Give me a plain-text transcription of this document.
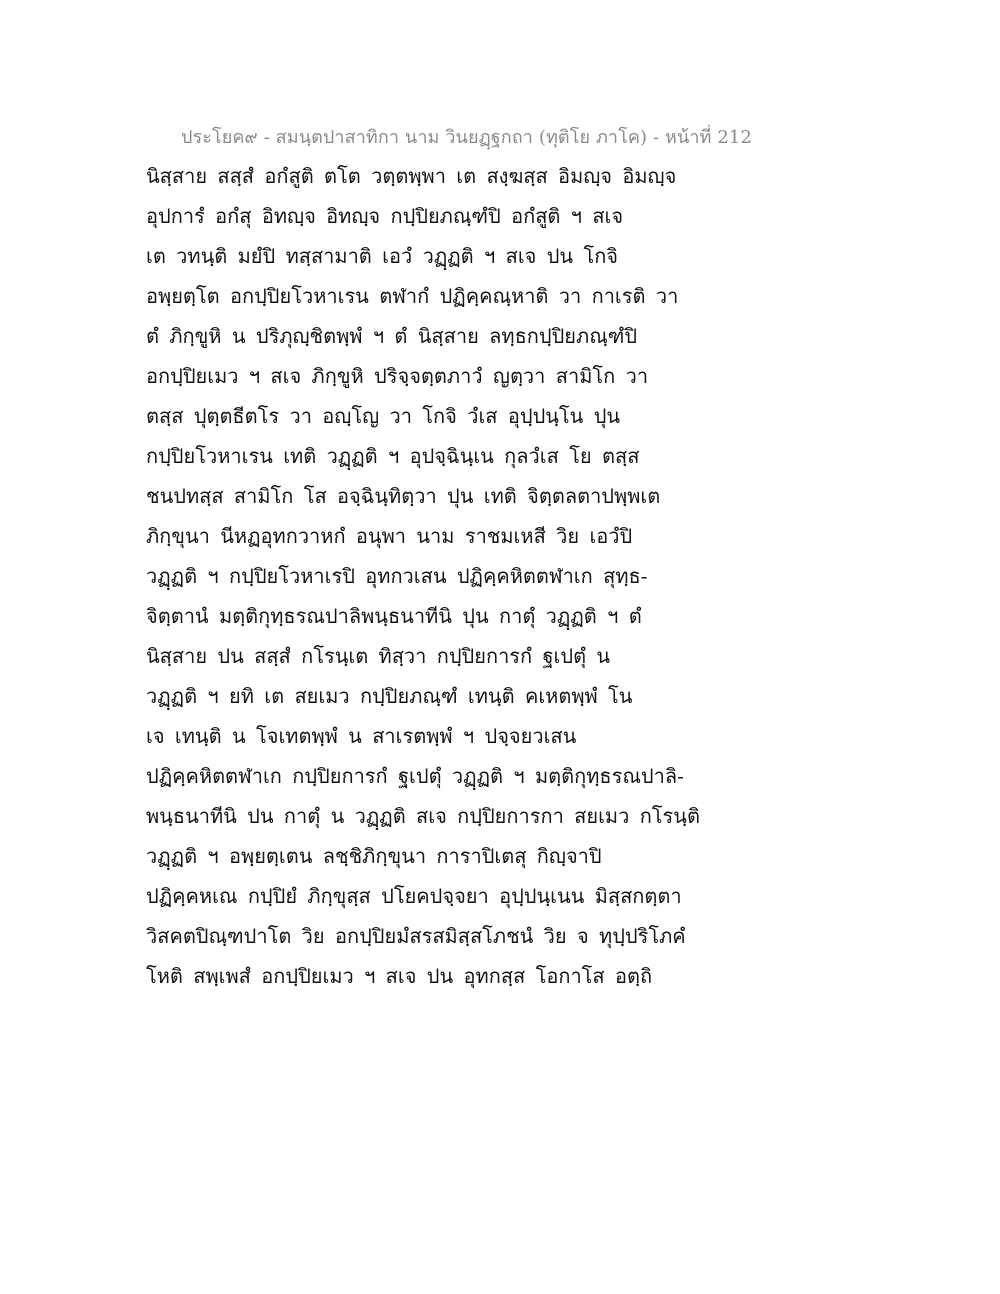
ประโยค๙ - สมนฺตปาสาทิกา นาม วินยฏฺฐกถา (ทุติโย ภาโค) - หน้าที่ 212
นิสฺสาย สสฺสํ อกํสูติ ตโต วตฺตพฺพา เต สงฺฆสฺส อิมญฺจ อิมญฺจ
อุปการํ อกํสุ อิทญฺจ อิทญฺจ กปฺปิยภณฺฑํปิ อกํสูติ ฯ สเจ
เต วทนฺติ มยํปิ ทสฺสามาติ เอวํ วฏฺฏติ ฯ สเจ ปน โกจิ
อพฺยตฺโต อกปฺปิยโวหาเรน ตฬากํ ปฏิคฺคณฺหาติ วา กาเรติ วา
ตํ ภิกฺขูหิ น ปริภุญฺชิตพฺพํ ฯ ตํ นิสฺสาย ลทฺธกปฺปิยภณฺฑํปิ
อกปฺปิยเมว ฯ สเจ ภิกฺขูหิ ปริจฺจตฺตภาวํ ญตฺวา สามิโก วา
ตสฺส ปุตฺตธีตโร วา อญฺโญ วา โกจิ วํเส อุปฺปนฺโน ปุน
กปฺปิยโวหาเรน เทติ วฏฺฏติ ฯ อุปจฺฉินฺเน กุลวํเส โย ตสฺส
ชนปทสฺส สามิโก โส อจฺฉินฺทิตฺวา ปุน เทติ จิตฺตลตาปพฺพเต
ภิกฺขุนา นีหฏอุทกวาหกํ อนุพา นาม ราชมเหสี วิย เอวํปิ
วฏฺฏติ ฯ กปฺปิยโวหาเรปิ อุทกวเสน ปฏิคฺคหิตตฬาเก สุทฺธ-
จิตฺตานํ มตฺติกุทฺธรณปาลิพนฺธนาทีนิ ปุน กาตุํ วฏฺฏติ ฯ ตํ
นิสฺสาย ปน สสฺสํ กโรนฺเต ทิสฺวา กปฺปิยการกํ ฐเปตุํ น
วฏฺฏติ ฯ ยทิ เต สยเมว กปฺปิยภณฺฑํ เทนฺติ คเหตพฺพํ โน
เจ เทนฺติ น โจเทตพฺพํ น สาเรตพฺพํ ฯ ปจฺจยวเสน
ปฏิคฺคหิตตฬาเก กปฺปิยการกํ ฐเปตุํ วฏฺฏติ ฯ มตฺติกุทฺธรณปาลิ-
พนฺธนาทีนิ ปน กาตุํ น วฏฺฏติ สเจ กปฺปิยการกา สยเมว กโรนฺติ
วฏฺฏติ ฯ อพฺยตฺเตน ลชฺชิภิกฺขุนา การาปิเตสุ กิญฺจาปิ
ปฏิคฺคหเณ กปฺปิยํ ภิกฺขุสฺส ปโยคปจฺจยา อุปฺปนฺเนน มิสฺสกตฺตา
วิสคตปิณฺฑปาโต วิย อกปฺปิยมํสรสมิสฺสโภชนํ วิย จ ทุปฺปริโภคํ
โหติ สพฺเพสํ อกปฺปิยเมว ฯ สเจ ปน อุทกสฺส โอกาโส อตฺถิ
